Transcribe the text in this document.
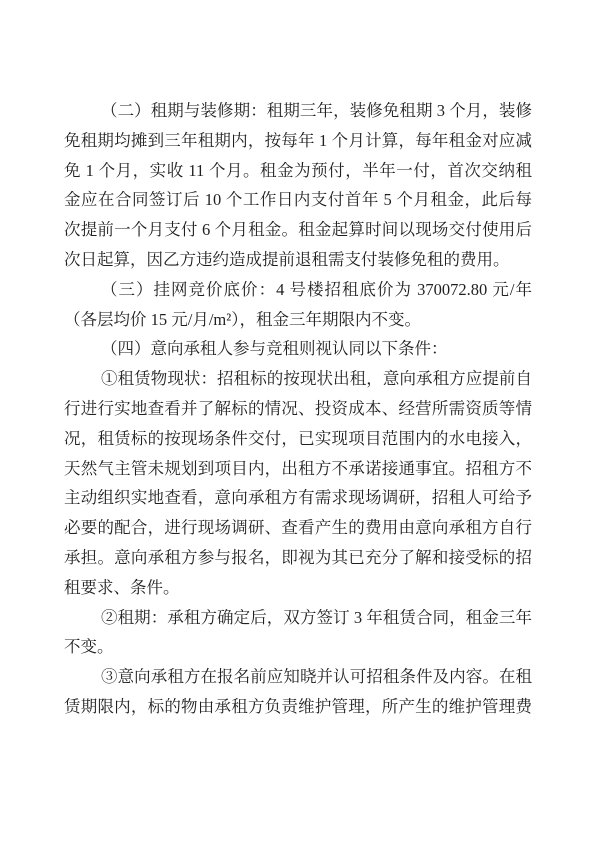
（二）租期与装修期：租期三年，装修免租期 3 个月，装修
免租期均摊到三年租期内，按每年 1 个月计算，每年租金对应减
免 1 个月，实收 11 个月。租金为预付，半年一付，首次交纳租
金应在合同签订后 10 个工作日内支付首年 5 个月租金，此后每
次提前一个月支付 6 个月租金。租金起算时间以现场交付使用后
次日起算，因乙方违约造成提前退租需支付装修免租的费用。
（三）挂网竞价底价：4 号楼招租底价为 370072.80 元/年
（各层均价 15 元/月/m²），租金三年期限内不变。
（四）意向承租人参与竞租则视认同以下条件：
①租赁物现状：招租标的按现状出租，意向承租方应提前自
行进行实地查看并了解标的情况、投资成本、经营所需资质等情
况，租赁标的按现场条件交付，已实现项目范围内的水电接入，
天然气主管未规划到项目内，出租方不承诺接通事宜。招租方不
主动组织实地查看，意向承租方有需求现场调研，招租人可给予
必要的配合，进行现场调研、查看产生的费用由意向承租方自行
承担。意向承租方参与报名，即视为其已充分了解和接受标的招
租要求、条件。
②租期：承租方确定后，双方签订 3 年租赁合同，租金三年
不变。
③意向承租方在报名前应知晓并认可招租条件及内容。在租
赁期限内，标的物由承租方负责维护管理，所产生的维护管理费
